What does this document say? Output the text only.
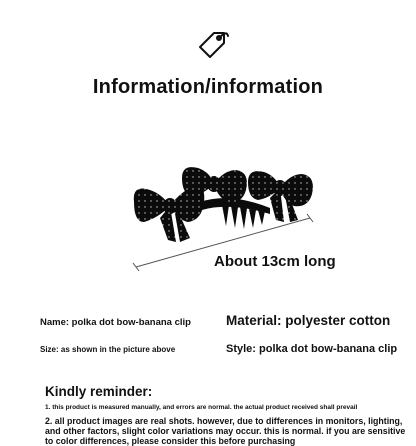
Information/information
About 13cm long
Name: polka dot bow-banana clip	Material: polyester cotton
Size: as shown in the picture above	Style: polka dot bow-banana clip
Kindly reminder:
1. this product is measured manually, and errors are normal. the actual product received shall prevail
2. all product images are real shots. however, due to differences in monitors, lighting, and other factors, slight color variations may occur. this is normal. if you are sensitive to color differences, please consider this before purchasing
